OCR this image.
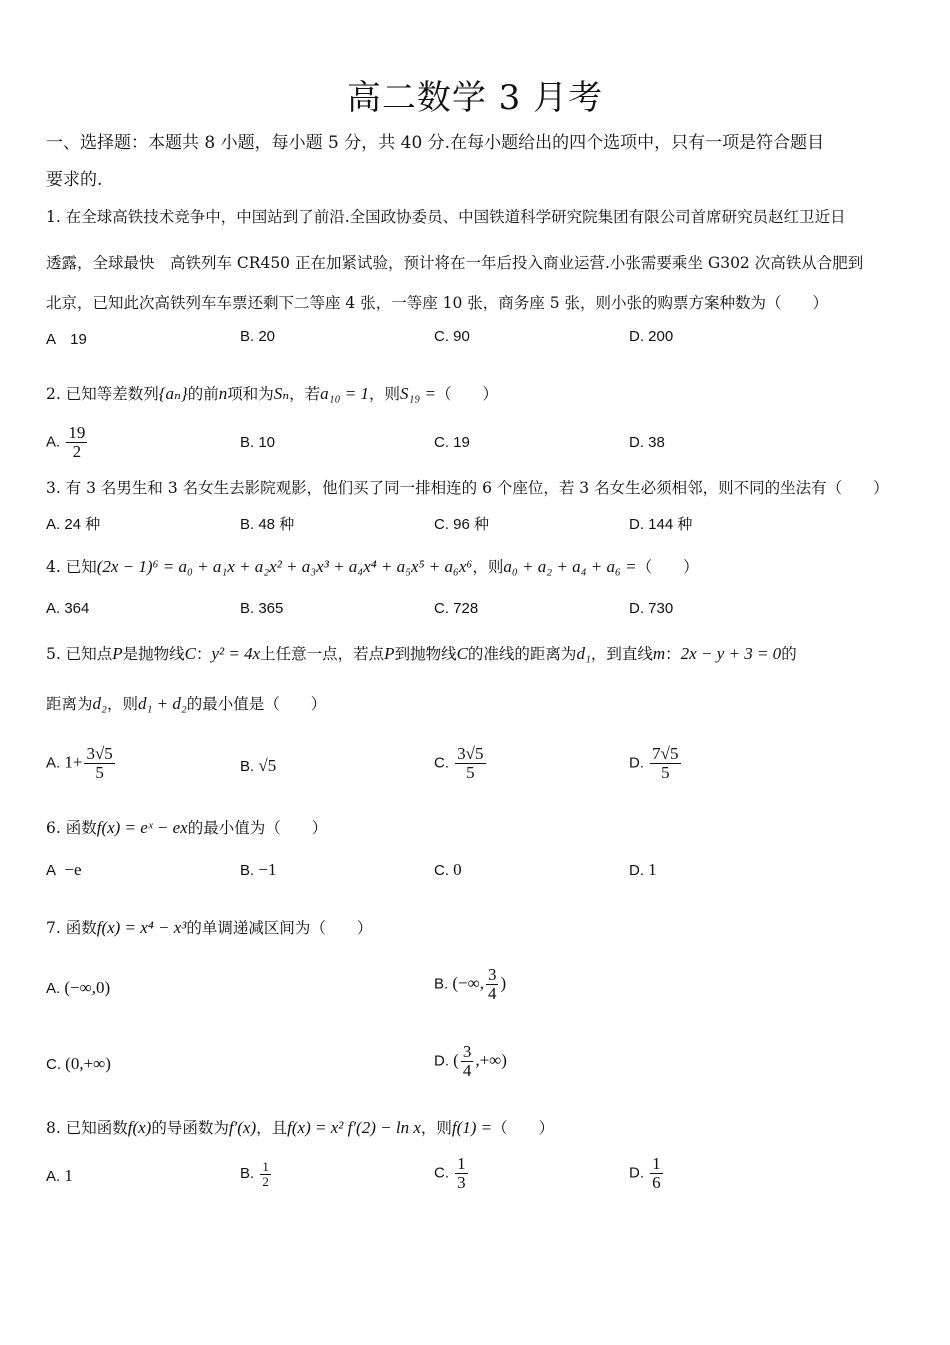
高二数学 3 月考
一、选择题：本题共 8 小题，每小题 5 分，共 40 分.在每小题给出的四个选项中，只有一项是符合题目
要求的.
1. 在全球高铁技术竞争中，中国站到了前沿.全国政协委员、中国铁道科学研究院集团有限公司首席研究员赵红卫近日
透露，全球最快　高铁列车 CR450 正在加紧试验，预计将在一年后投入商业运营.小张需要乘坐 G302 次高铁从合肥到
北京，已知此次高铁列车车票还剩下二等座 4 张，一等座 10 张，商务座 5 张，则小张的购票方案种数为（　　）
A　19	B. 20	C. 90	D. 200
2. 已知等差数列{aₙ}的前n项和为Sₙ，若a₁₀ = 1，则S₁₉ =（　　）
A. $\frac{19}{2}$	B. 10	C. 19	D. 38
3. 有 3 名男生和 3 名女生去影院观影，他们买了同一排相连的 6 个座位，若 3 名女生必须相邻，则不同的坐法有（　　）
A. 24 种	B. 48 种	C. 96 种	D. 144 种
4. 已知(2x − 1)⁶ = a₀ + a₁x + a₂x² + a₃x³ + a₄x⁴ + a₅x⁵ + a₆x⁶，则a₀ + a₂ + a₄ + a₆ =（　　）
A. 364	B. 365	C. 728	D. 730
5. 已知点P是抛物线C：y² = 4x上任意一点，若点P到抛物线C的准线的距离为d₁，到直线m：2x − y + 3 = 0的
距离为d₂，则d₁ + d₂的最小值是（　　）
A. $1+ \frac{3√5}{5}$	B. √5	C. $\frac{3√5}{5}$	D. $\frac{7√5}{5}$
6. 函数f(x) = eˣ − ex的最小值为（　　）
A −e	B. −1	C. 0	D. 1
7. 函数f(x) = x⁴ − x³的单调递减区间为（　　）
A. (−∞,0)	B. (−∞, $\frac{3}{4}$ )
C. (0,+∞)	D. ( $\frac{3}{4}$ ,+∞)
8. 已知函数f(x)的导函数为f′(x)，且f(x) = x² f′(2) − ln x，则f(1) =（　　）
A. 1	B. $\frac{1}{2}$	C. $\frac{1}{3}$	D. $\frac{1}{6}$
